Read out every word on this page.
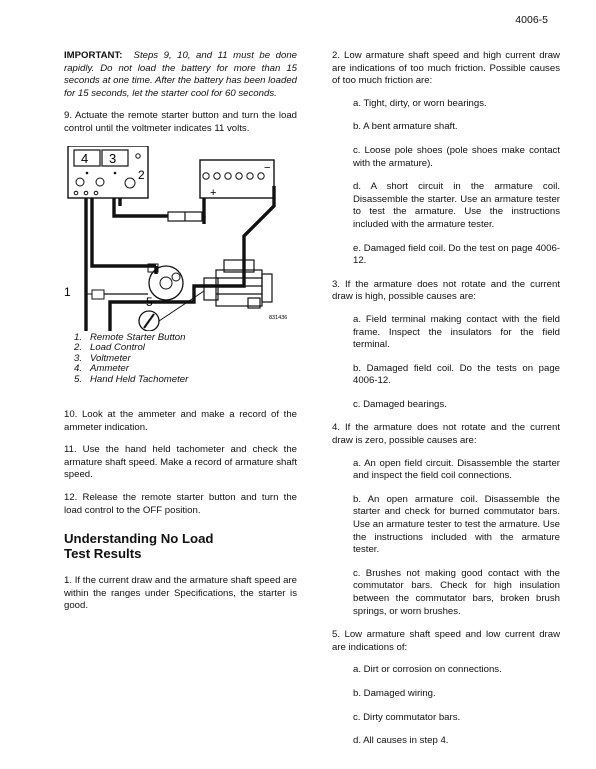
4006-5

IMPORTANT: Steps 9, 10, and 11 must be done rapidly. Do not load the battery for more than 15 seconds at one time. After the battery has been loaded for 15 seconds, let the starter cool for 60 seconds.

9. Actuate the remote starter button and turn the load control until the voltmeter indicates 11 volts.

4 3
2
+
−
1
831436
5
1. Remote Starter Button
2. Load Control
3. Voltmeter
4. Ammeter
5. Hand Held Tachometer

10. Look at the ammeter and make a record of the ammeter indication.

11. Use the hand held tachometer and check the armature shaft speed. Make a record of armature shaft speed.

12. Release the remote starter button and turn the load control to the OFF position.

Understanding No Load
Test Results

1. If the current draw and the armature shaft speed are within the ranges under Specifications, the starter is good.

2. Low armature shaft speed and high current draw are indications of too much friction. Possible causes of too much friction are:

a. Tight, dirty, or worn bearings.

b. A bent armature shaft.

c. Loose pole shoes (pole shoes make contact with the armature).

d. A short circuit in the armature coil. Disassemble the starter. Use an armature tester to test the armature. Use the instructions included with the armature tester.

e. Damaged field coil. Do the test on page 4006-12.

3. If the armature does not rotate and the current draw is high, possible causes are:

a. Field terminal making contact with the field frame. Inspect the insulators for the field terminal.

b. Damaged field coil. Do the tests on page 4006-12.

c. Damaged bearings.

4. If the armature does not rotate and the current draw is zero, possible causes are:

a. An open field circuit. Disassemble the starter and inspect the field coil connections.

b. An open armature coil. Disassemble the starter and check for burned commutator bars. Use an armature tester to test the armature. Use the instructions included with the armature tester.

c. Brushes not making good contact with the commutator bars. Check for high insulation between the commutator bars, broken brush springs, or worn brushes.

5. Low armature shaft speed and low current draw are indications of:

a. Dirt or corrosion on connections.

b. Damaged wiring.

c. Dirty commutator bars.

d. All causes in step 4.
